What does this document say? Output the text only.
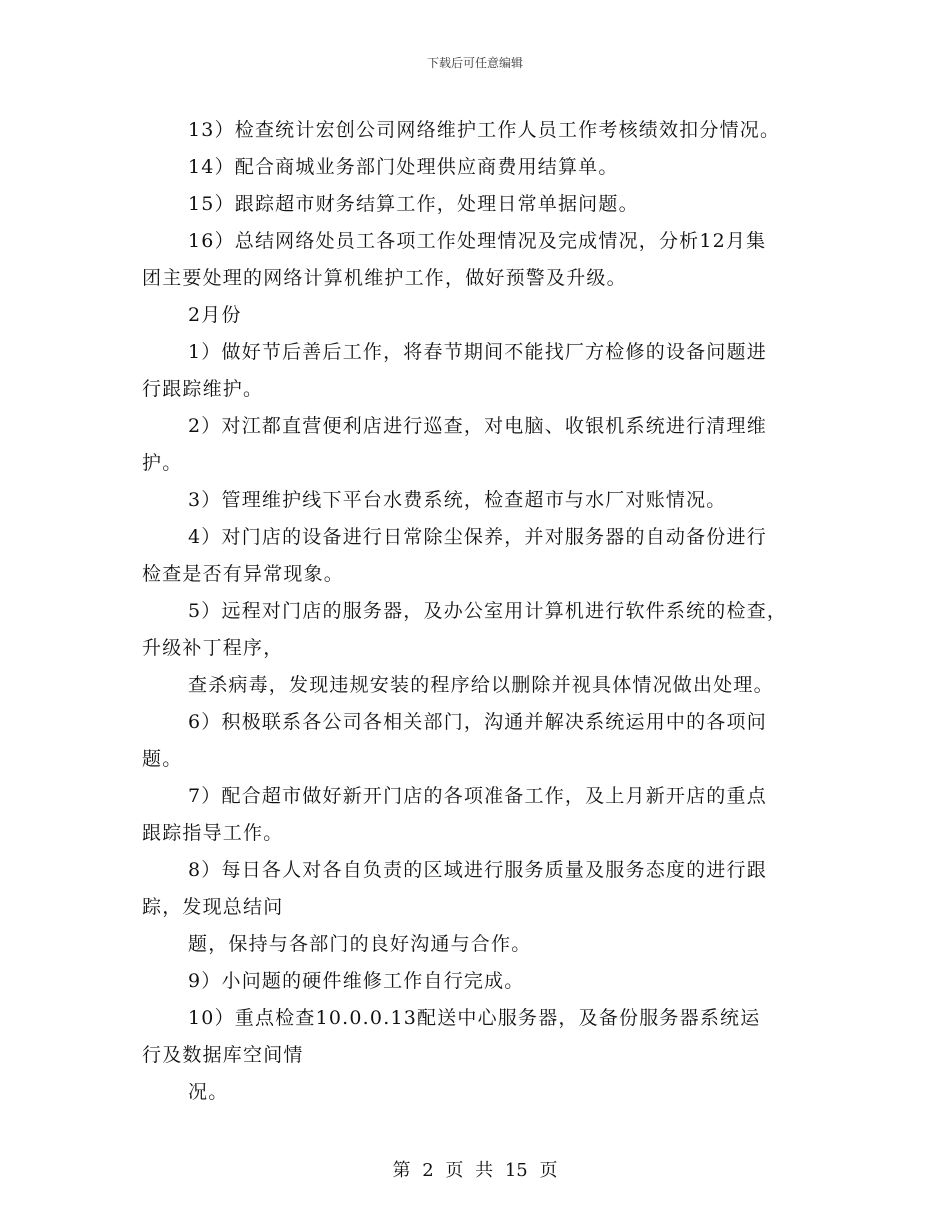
下载后可任意编辑
13）检查统计宏创公司网络维护工作人员工作考核绩效扣分情况。
14）配合商城业务部门处理供应商费用结算单。
15）跟踪超市财务结算工作，处理日常单据问题。
16）总结网络处员工各项工作处理情况及完成情况，分析12月集
团主要处理的网络计算机维护工作，做好预警及升级。
2月份
1）做好节后善后工作，将春节期间不能找厂方检修的设备问题进
行跟踪维护。
2）对江都直营便利店进行巡查，对电脑、收银机系统进行清理维
护。
3）管理维护线下平台水费系统，检查超市与水厂对账情况。
4）对门店的设备进行日常除尘保养，并对服务器的自动备份进行
检查是否有异常现象。
5）远程对门店的服务器，及办公室用计算机进行软件系统的检查，
升级补丁程序，
查杀病毒，发现违规安装的程序给以删除并视具体情况做出处理。
6）积极联系各公司各相关部门，沟通并解决系统运用中的各项问
题。
7）配合超市做好新开门店的各项准备工作，及上月新开店的重点
跟踪指导工作。
8）每日各人对各自负责的区域进行服务质量及服务态度的进行跟
踪，发现总结问
题，保持与各部门的良好沟通与合作。
9）小问题的硬件维修工作自行完成。
10）重点检查10.0.0.13配送中心服务器，及备份服务器系统运
行及数据库空间情
况。
第 2 页 共 15 页
